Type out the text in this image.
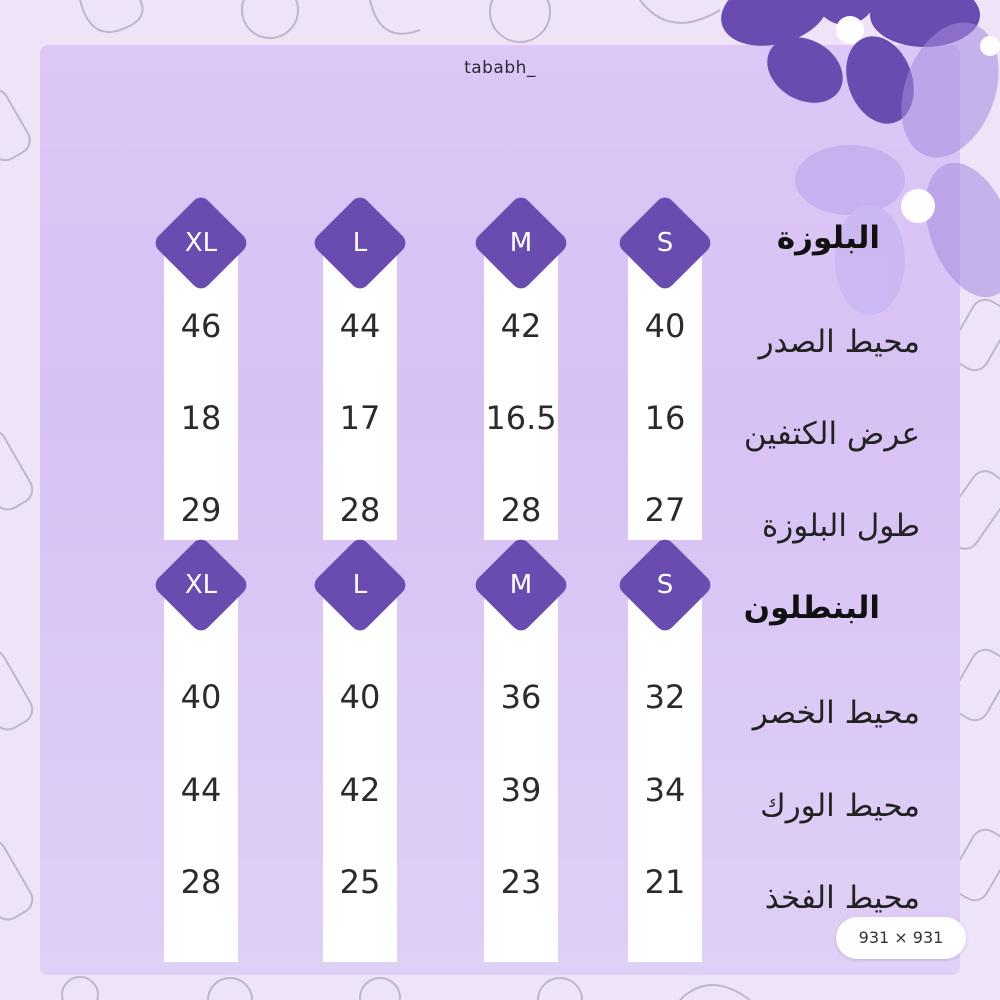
tababh_
S
M
L
XL	البلوزة
محيط الصدر
40
42
44
46
عرض الكتفين
16
16.5
17
18
طول البلوزة
27
28
28
29
S
M
L
XL
البنطلون
محيط الخصر
32
36
40
40
محيط الورك
34
39
42
44
محيط الفخذ
21
23
25
28
931 × 931
